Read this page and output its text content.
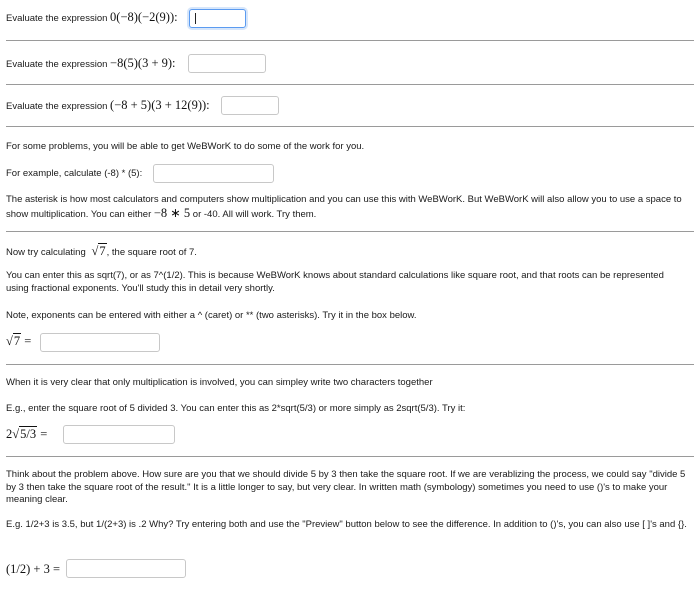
Evaluate the expression 0(−8)(−2(9)):
Evaluate the expression −8(5)(3 + 9):
Evaluate the expression (−8 + 5)(3 + 12(9)):
For some problems, you will be able to get WeBWorK to do some of the work for you.
For example, calculate (-8) * (5):
The asterisk is how most calculators and computers show multiplication and you can use this with WeBWorK. But WeBWorK will also allow you to use a space to show multiplication. You can either −8 ∗ 5 or -40. All will work. Try them.
Now try calculating  √7, the square root of 7.
You can enter this as sqrt(7), or as 7^(1/2). This is because WeBWorK knows about standard calculations like square root, and that roots can be represented using fractional exponents. You'll study this in detail very shortly.
Note, exponents can be entered with either a ^ (caret) or ** (two asterisks). Try it in the box below.
√7 =
When it is very clear that only multiplication is involved, you can simpley write two characters together
E.g., enter the square root of 5 divided 3. You can enter this as 2*sqrt(5/3) or more simply as 2sqrt(5/3). Try it:
2√5/3 =
Think about the problem above. How sure are you that we should divide 5 by 3 then take the square root. If we are verablizing the process, we could say "divide 5 by 3 then take the square root of the result." It is a little longer to say, but very clear. In written math (symbology) sometimes you need to use ()'s to make your meaning clear.
E.g. 1/2+3 is 3.5, but 1/(2+3) is .2 Why? Try entering both and use the "Preview" button below to see the difference. In addition to ()'s, you can also use [ ]'s and {}.
(1/2) + 3 =
